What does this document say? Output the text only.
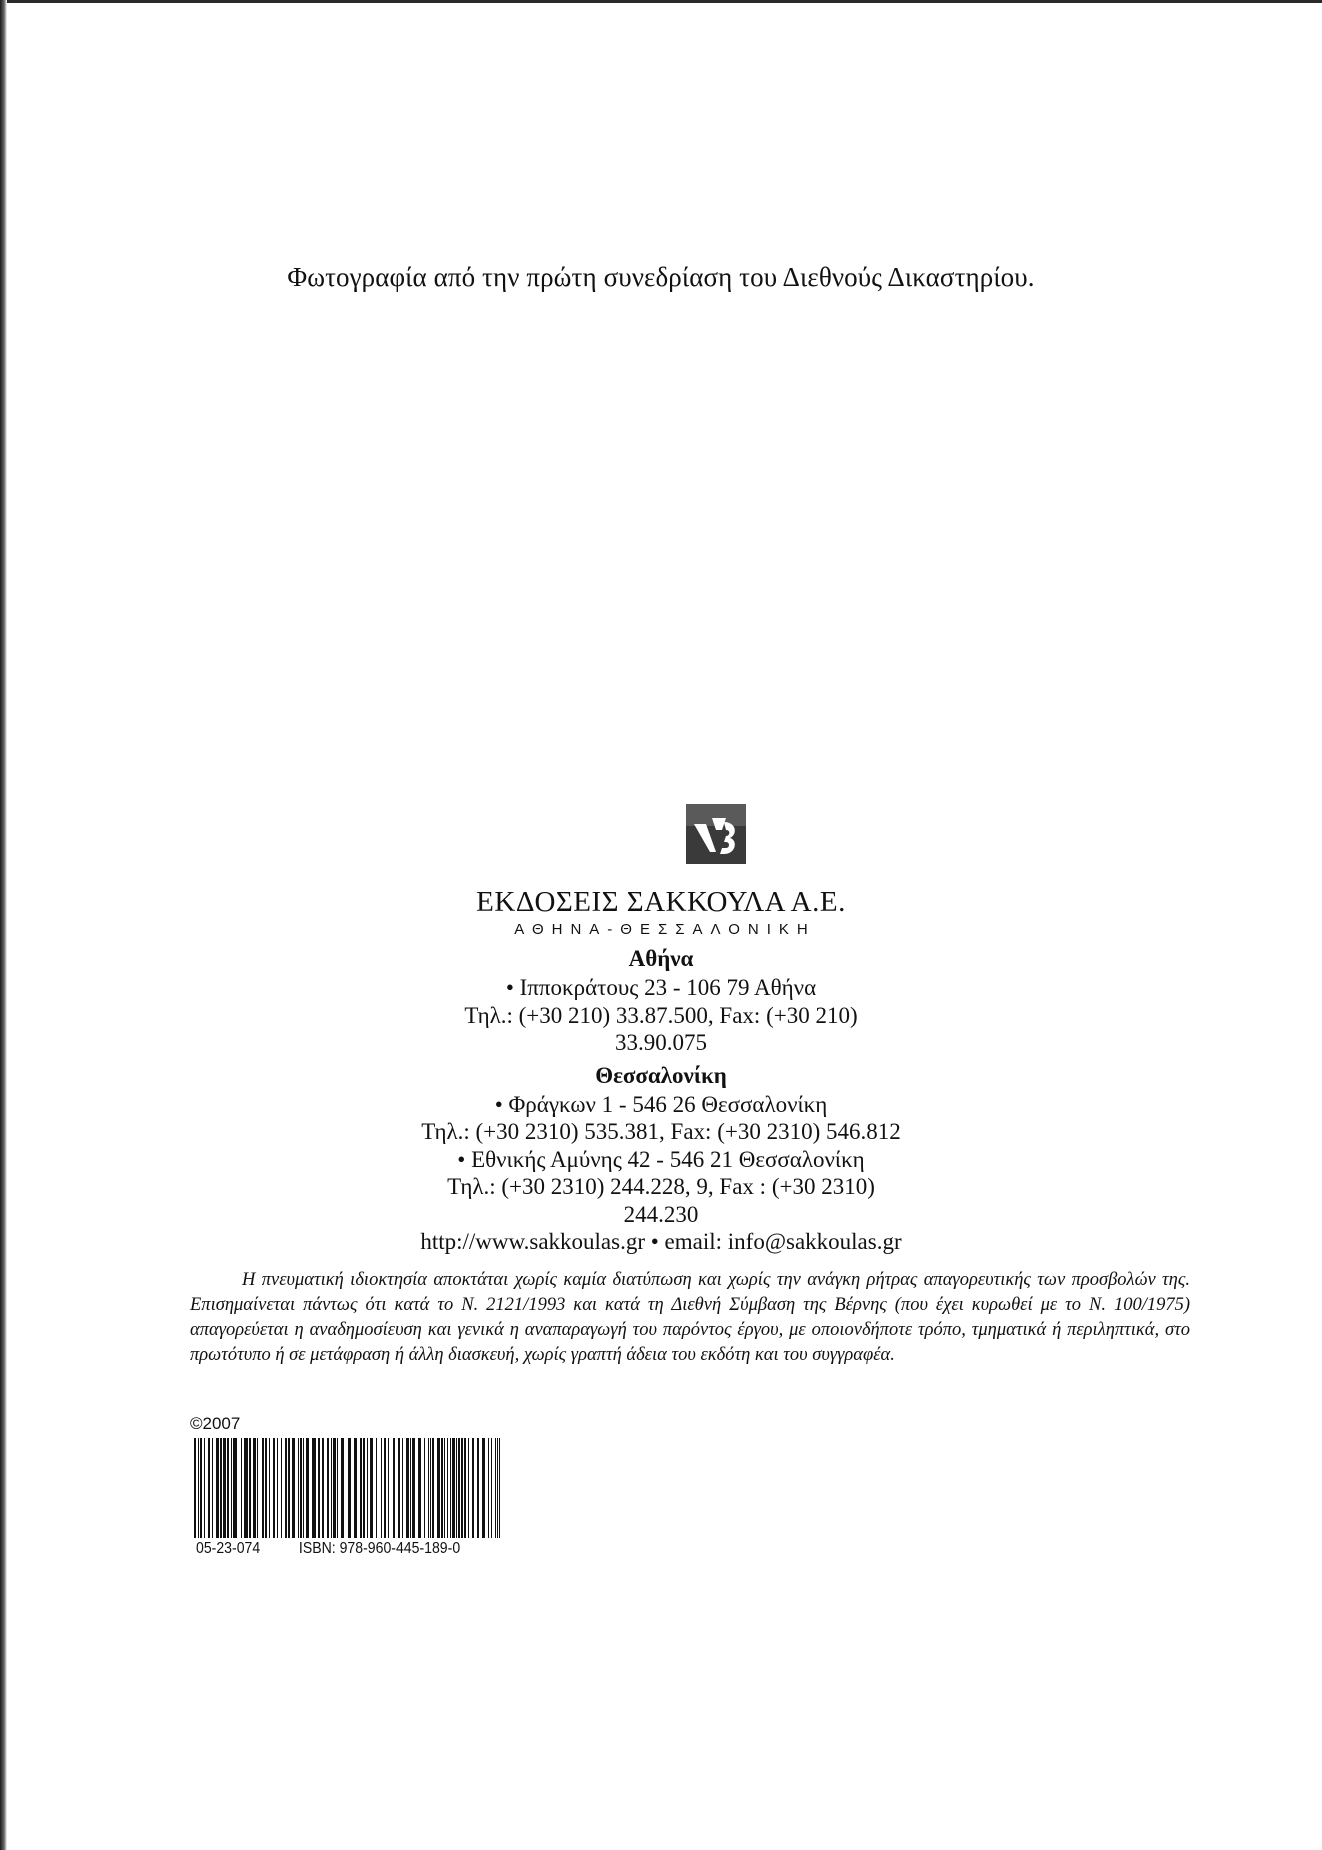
Φωτογραφία από την πρώτη συνεδρίαση του Διεθνούς Δικαστηρίου.
ΕΚΔΟΣΕΙΣ ΣΑΚΚΟΥΛΑ Α.Ε.
ΑΘΗΝΑ-ΘΕΣΣΑΛΟΝΙΚΗ
Αθήνα
• Ιπποκράτους 23 - 106 79 Αθήνα
Τηλ.: (+30 210) 33.87.500, Fax: (+30 210) 33.90.075
Θεσσαλονίκη
• Φράγκων 1 - 546 26 Θεσσαλονίκη
Τηλ.: (+30 2310) 535.381, Fax: (+30 2310) 546.812
• Εθνικής Αμύνης 42 - 546 21 Θεσσαλονίκη
Τηλ.: (+30 2310) 244.228, 9, Fax : (+30 2310) 244.230
http://www.sakkoulas.gr • email: info@sakkoulas.gr
Η πνευματική ιδιοκτησία αποκτάται χωρίς καμία διατύπωση και χωρίς την ανάγκη ρήτρας απαγορευτικής των προσβολών της. Επισημαίνεται πάντως ότι κατά το Ν. 2121/1993 και κατά τη Διεθνή Σύμβαση της Βέρνης (που έχει κυρωθεί με το Ν. 100/1975) απαγορεύεται η αναδημοσίευση και γενικά η αναπαραγωγή του παρόντος έργου, με οποιονδήποτε τρόπο, τμηματικά ή περιληπτικά, στο πρωτότυπο ή σε μετάφραση ή άλλη διασκευή, χωρίς γραπτή άδεια του εκδότη και του συγγραφέα.
©2007
05-23-074 ISBN: 978-960-445-189-0
